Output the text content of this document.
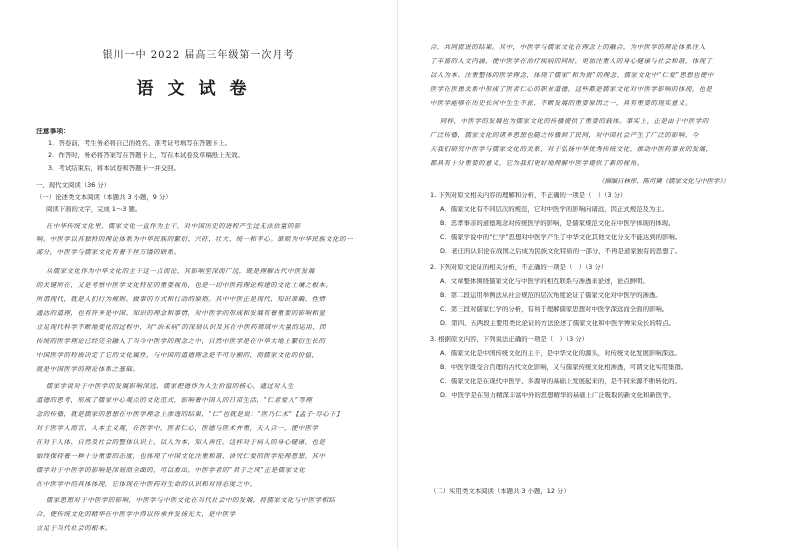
银川一中 2022 届高三年级第一次月考
语文试卷
注意事项：
1．答卷前，考生务必将自己的姓名、准考证号填写在答题卡上。
2．作答时，务必将答案写在答题卡上，写在本试卷及草稿纸上无效。
3．考试结束后，将本试卷和答题卡一并交回。
一、现代文阅读（36 分）
（一）论述类文本阅读（本题共 3 小题，9 分）
阅读下面的文字，完成 1～3 题。
在中华传统文化里，儒家文化一直作为主干，对中国历史的进程产生过无法估量的影
响。中医学以其独特的理论体系为中华民族的繁衍、兴旺、壮大、统一和平心。谁则为中华民族文化的一
部分，中医学与儒家文化有着千丝万缕的联系。
从儒家文化作为中华文化的主干这一点而论，其影响至深而广远，既是理解古代中医发展
的关键所在，又是考察中医学文化特征的重要视角，也是一切中医药理论构建的文化土壤之根本。
所谓现代，就是人们行为规则、做事的方式和行动的原则。其中中医正是现代、知识准确、性情
通达的道理，也有许多是中国、知识的理念和事情，对中医学的形成和发展有着重要的影响和显
立足现代科学不断地变化的过程中，对“治未病”的深刻认识及其在中医药领域中大量的运用，因
传统的医学理论已经完全融入了当今中医学的理念之中，自然中医学是在中华大地上繁衍生长的
中国医学的特质决定了它的文化属性，与中国的道德理念是不可分割的，而儒家文化的价值，
就是中国医学的理论体系之基础。
儒家学说对于中医学的发展影响深远，儒家把德作为人生价值的核心，通过对人生
道德的思考，形成了儒家中心观点的文化范式，影响着中国人的日常生活，“仁者爱人”等理
念的传播，就是儒家的思想在中医学理念上渗透的结果，“仁”也就是说：“医乃仁术”【孟子·尽心下】
对于医学人而言，人本主义观，在医学中，医者仁心，医德与医术并重，天人合一，使中医学
在对于人体、自然及社会的整体认识上，以人为本，知人善任，这样对于病人的身心健康，也是
始终保持着一种十分重要的态度，也体现了中国文化注重和谐、讲究仁爱的医学伦理思想，其中
儒学对于中医学的影响是深刻而全面的，可以看出，中医学者的“君子之风”正是儒家文化
在中医学中的具体体现，它体现在中医药对生命的认识和对待态度之中。
儒家思想对于中医学的影响，中医学与中医文化在当代社会中的发展，将儒家文化与中医学相结
合，使传统文化的精华在中医学中得以传承并发扬光大，是中医学
立足于当代社会的根本。
合，共同促进的结果。其中，中医学与儒家文化在理念上的融合，为中医学的理论体系注入
了丰富的人文内涵，使中医学在治疗疾病的同时，更加注重人的身心健康与社会和谐，体现了
以人为本、注重整体的医学理念，体现了儒家“和为贵”的理念，儒家文化中“仁爱”思想也使中
医学在医患关系中形成了医者仁心的职业道德，这些都是儒家文化对中医学影响的体现，也是
中医学能够在历史长河中生生不息、不断发展的重要原因之一，具有重要的现实意义。
同样，中医学的发展也为儒家文化的传播提供了重要的载体。事实上，正是由于中医学的
广泛传播，儒家文化的诸多思想也随之传播到了民间，对中国社会产生了广泛的影响，今
天我们研究中医学与儒家文化的关系，对于弘扬中华优秀传统文化，推动中医药事业的发展，
都具有十分重要的意义，它为我们更好地理解中医学提供了新的视角。
（摘编自林彤、陈可冀《儒家文化与中医学》）
1. 下列对原文相关内容的理解和分析，不正确的一项是（　）（3 分）
A．儒家文化有不同层次的规范，它对中医学的影响向诸远，因正式规范及为主。
B．忠孝事亲的道德观念对传统医学的影响，是儒家规范文化在中医学体现的体现。
C．儒家学说中的“仁学”思想对中医学产生了中华文化其他文化分支不能达到的影响。
D．老庄的认识论在战国之后成为民族文化特质的一部分，不再是道家独有的思想了。
2. 下列对原文论证的相关分析，不正确的一项是（　）（3 分）
A．文章整体围绕儒家文化与中医学的相互联系与渗透来论述，论点鲜明。
B．第二段运用举例法从社会规范的层次角度论证了儒家文化对中医学的渗透。
C．第三段对儒家仁学的分析，有利于理解儒家思想对中医学深远而全面的影响。
D．第四、五两段主要用类比论证的方法论述了儒家文化和中医学博采众长的特点。
3. 根据原文内容，下列说法正确的一项是（　）（3 分）
A．儒家文化是中国传统文化的主干，是中华文化的源头，对传统文化发展影响深远。
B．中医学既受合百理的古代文化影响，又与儒家传统文化相渗透，可谓文化实用集群。
C．儒家文化是在现代中医学、多源导的基础上发展起来的，是不同来源不断转化的。
D．中医学是在努力精深丰富中外的思想精华的基础上广泛吸取的新文化和新医学。
（二）实用类文本阅读（本题共 3 小题，12 分）
